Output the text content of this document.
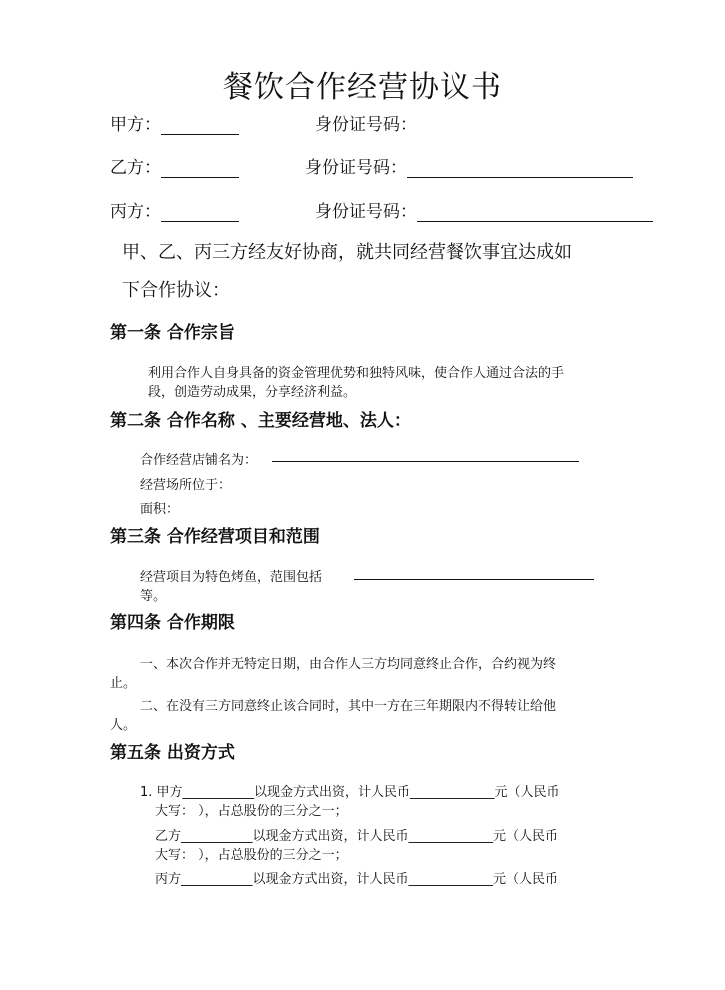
餐饮合作经营协议书
甲方：	身份证号码：
乙方：	身份证号码：
丙方：	身份证号码：
甲、乙、丙三方经友好协商，就共同经营餐饮事宜达成如
下合作协议：
第一条 合作宗旨
利用合作人自身具备的资金管理优势和独特风味，使合作人通过合法的手
段，创造劳动成果，分享经济利益。
第二条 合作名称 、主要经营地、法人：
合作经营店铺名为：
经营场所位于：
面积：
第三条 合作经营项目和范围
经营项目为特色烤鱼，范围包括
等。
第四条 合作期限
一、本次合作并无特定日期，由合作人三方均同意终止合作，合约视为终
止。
二、在没有三方同意终止该合同时，其中一方在三年期限内不得转让给他
人。
第五条 出资方式
1. 甲方___________以现金方式出资，计人民币_____________元（人民币
大写： ），占总股份的三分之一；
乙方___________以现金方式出资，计人民币_____________元（人民币
大写： ），占总股份的三分之一；
丙方___________以现金方式出资，计人民币_____________元（人民币
